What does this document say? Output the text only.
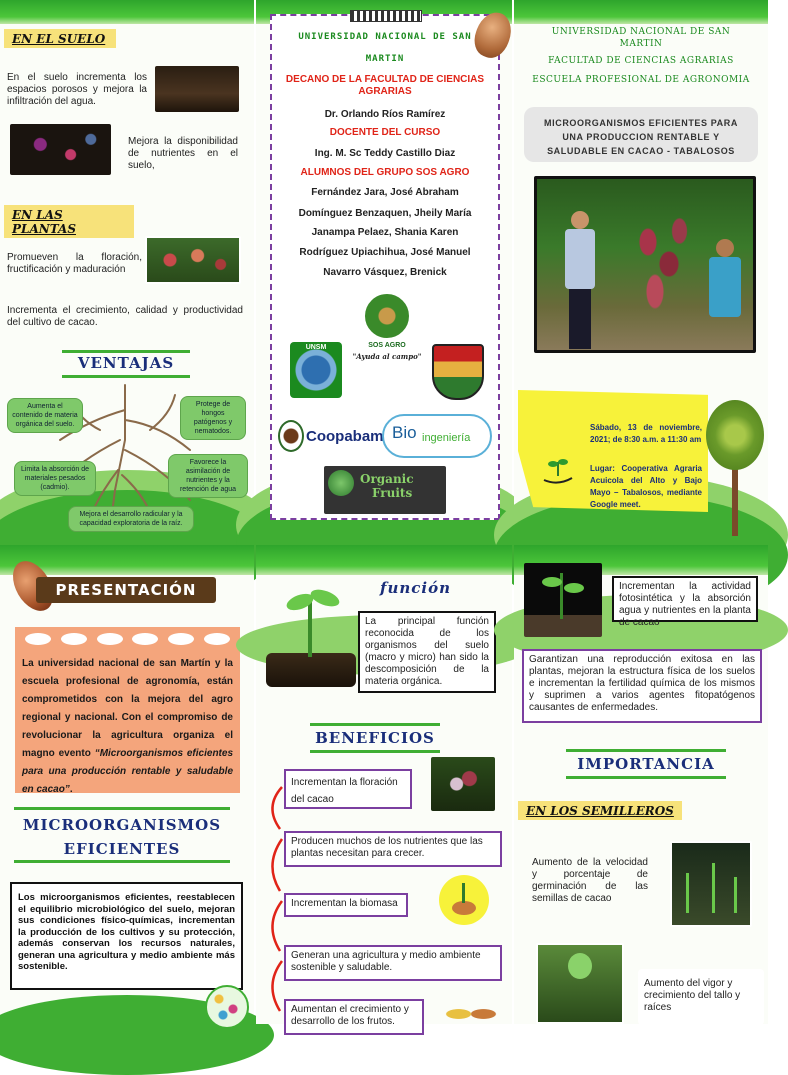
EN EL SUELO
En el suelo incrementa los espacios porosos y mejora la infiltración del agua.
Mejora la disponibilidad de nutrientes en el suelo,
EN LAS PLANTAS
Promueven la floración, fructificación y maduración
Incrementa el crecimiento, calidad y productividad del cultivo de cacao.
VENTAJAS
Aumenta el contenido de materia orgánica del suelo.
Protege de hongos patógenos y nematodos.
Limita la absorción de materiales pesados (cadmio).
Favorece la asimilación de nutrientes y la retención de agua
Mejora el desarrollo radicular y la capacidad exploratoria de la raíz.
UNIVERSIDAD NACIONAL DE SAN MARTIN
DECANO DE LA FACULTAD DE CIENCIAS AGRARIAS
Dr. Orlando Ríos Ramírez
DOCENTE DEL CURSO
Ing. M. Sc Teddy Castillo Diaz
ALUMNOS DEL GRUPO SOS AGRO
Fernández Jara, José Abraham
Domínguez Benzaquen, Jheily María
Janampa Pelaez, Shania Karen
Rodríguez Upiachihua, José Manuel
Navarro Vásquez, Brenick
SOS AGRO
"Ayuda al campo"
UNSM
Coopabam Bio ingeniería
Organic
Fruits
UNIVERSIDAD NACIONAL DE SAN MARTIN
FACULTAD DE CIENCIAS AGRARIAS
ESCUELA PROFESIONAL DE AGRONOMIA
MICROORGANISMOS EFICIENTES PARA UNA PRODUCCION RENTABLE Y SALUDABLE EN CACAO - TABALOSOS
Sábado, 13 de noviembre, 2021; de 8:30 a.m. a 11:30 am
Lugar: Cooperativa Agraria Acuicola del Alto y Bajo Mayo – Tabalosos, mediante Google meet.
PRESENTACIÓN
La universidad nacional de san Martín y la escuela profesional de agronomía, están comprometidos con la mejora del agro regional y nacional. Con el compromiso de revolucionar la agricultura organiza el magno evento “Microorganismos eficientes para una producción rentable y saludable en cacao”.
MICROORGANISMOS
EFICIENTES
Los microorganismos eficientes, reestablecen el equilibrio microbiológico del suelo, mejoran sus condiciones físico-químicas, incrementan la producción de los cultivos y su protección, además conservan los recursos naturales, generan una agricultura y medio ambiente más sostenible.
función
La principal función reconocida de los organismos del suelo (macro y micro) han sido la descomposición de la materia orgánica.
BENEFICIOS
Incrementan la floración del cacao
Producen muchos de los nutrientes que las plantas necesitan para crecer.
Incrementan la biomasa
Generan una agricultura y medio ambiente sostenible y saludable.
Aumentan el crecimiento y desarrollo de los frutos.
Incrementan la actividad fotosintética y la absorción agua y nutrientes en la planta de cacao
Garantizan una reproducción exitosa en las plantas, mejoran la estructura física de los suelos e incrementan la fertilidad química de los mismos y suprimen a varios agentes fitopatógenos causantes de enfermedades.
IMPORTANCIA
EN LOS SEMILLEROS
Aumento de la velocidad y porcentaje de germinación de las semillas de cacao
Aumento del vigor y crecimiento del tallo y raíces
